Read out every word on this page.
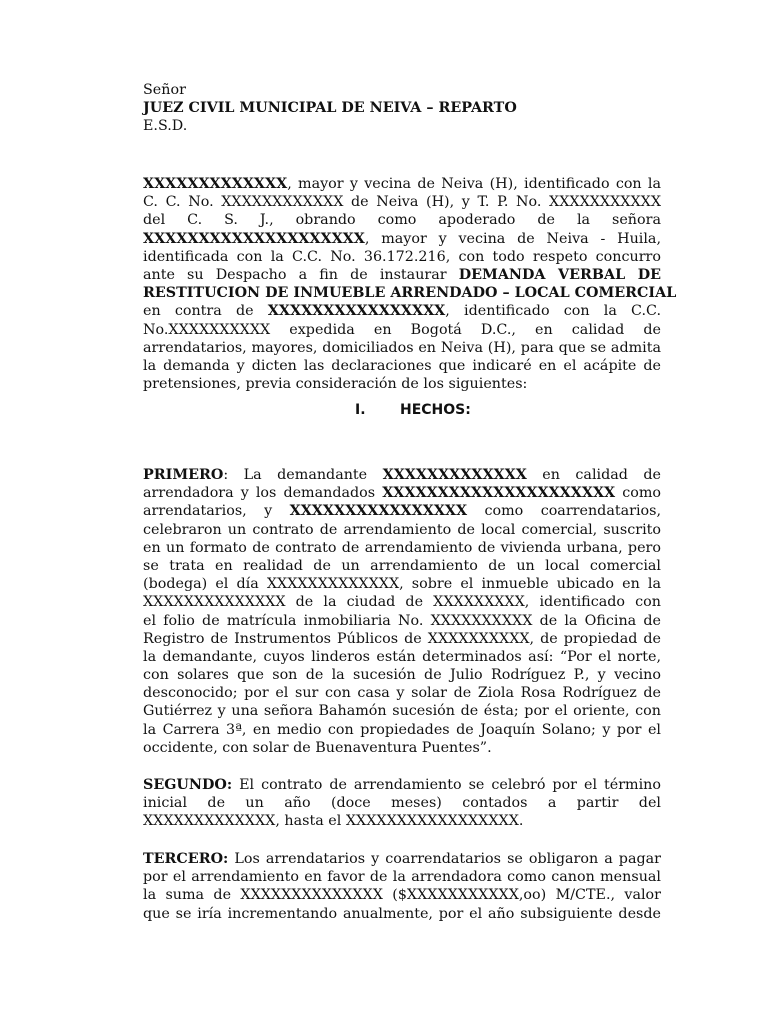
Señor
JUEZ CIVIL MUNICIPAL DE NEIVA – REPARTO
E.S.D.
XXXXXXXXXXXXX, mayor y vecina de Neiva (H), identificado con la
C. C. No. XXXXXXXXXXXX de Neiva (H), y T. P. No. XXXXXXXXXXX
del C. S. J., obrando como apoderado de la señora
XXXXXXXXXXXXXXXXXXXX, mayor y vecina de Neiva - Huila,
identificada con la C.C. No. 36.172.216, con todo respeto concurro
ante su Despacho a fin de instaurar DEMANDA VERBAL DE
RESTITUCION DE INMUEBLE ARRENDADO – LOCAL COMERCIAL
en contra de XXXXXXXXXXXXXXXX, identificado con la C.C.
No.XXXXXXXXXX expedida en Bogotá D.C., en calidad de
arrendatarios, mayores, domiciliados en Neiva (H), para que se admita
la demanda y dicten las declaraciones que indicaré en el acápite de
pretensiones, previa consideración de los siguientes:
I. HECHOS:
PRIMERO: La demandante XXXXXXXXXXXXX en calidad de
arrendadora y los demandados XXXXXXXXXXXXXXXXXXXXX como
arrendatarios, y XXXXXXXXXXXXXXXX como coarrendatarios,
celebraron un contrato de arrendamiento de local comercial, suscrito
en un formato de contrato de arrendamiento de vivienda urbana, pero
se trata en realidad de un arrendamiento de un local comercial
(bodega) el día XXXXXXXXXXXXX, sobre el inmueble ubicado en la
XXXXXXXXXXXXXX de la ciudad de XXXXXXXXX, identificado con
el folio de matrícula inmobiliaria No. XXXXXXXXXX de la Oficina de
Registro de Instrumentos Públicos de XXXXXXXXXX, de propiedad de
la demandante, cuyos linderos están determinados así: “Por el norte,
con solares que son de la sucesión de Julio Rodríguez P., y vecino
desconocido; por el sur con casa y solar de Ziola Rosa Rodríguez de
Gutiérrez y una señora Bahamón sucesión de ésta; por el oriente, con
la Carrera 3ª, en medio con propiedades de Joaquín Solano; y por el
occidente, con solar de Buenaventura Puentes”.
SEGUNDO: El contrato de arrendamiento se celebró por el término
inicial de un año (doce meses) contados a partir del
XXXXXXXXXXXXX, hasta el XXXXXXXXXXXXXXXXX.
TERCERO: Los arrendatarios y coarrendatarios se obligaron a pagar
por el arrendamiento en favor de la arrendadora como canon mensual
la suma de XXXXXXXXXXXXXX ($XXXXXXXXXXX,oo) M/CTE., valor
que se iría incrementando anualmente, por el año subsiguiente desde
